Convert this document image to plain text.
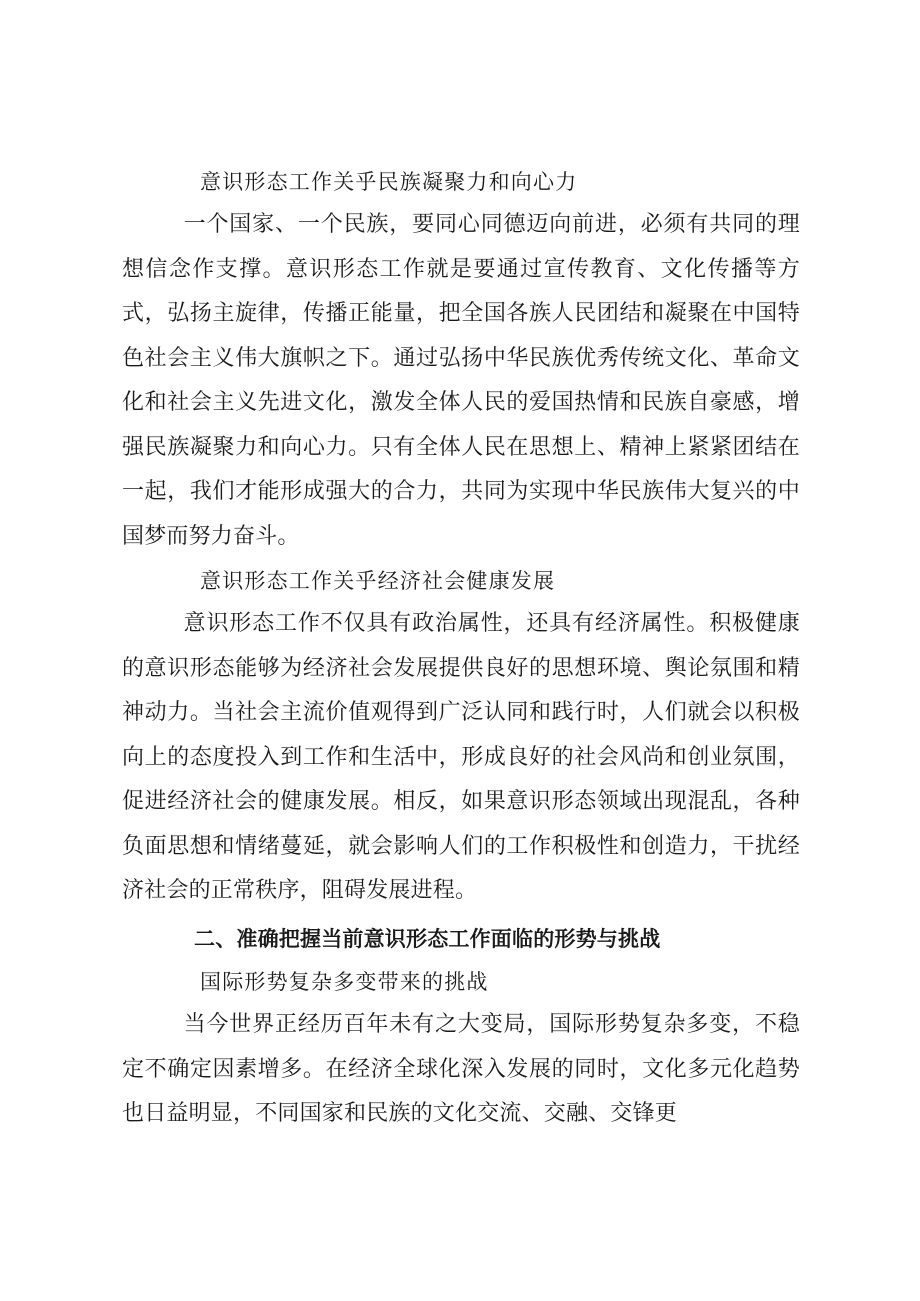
意识形态工作关乎民族凝聚力和向心力

一个国家、一个民族，要同心同德迈向前进，必须有共同的理想信念作支撑。意识形态工作就是要通过宣传教育、文化传播等方式，弘扬主旋律，传播正能量，把全国各族人民团结和凝聚在中国特色社会主义伟大旗帜之下。通过弘扬中华民族优秀传统文化、革命文化和社会主义先进文化，激发全体人民的爱国热情和民族自豪感，增强民族凝聚力和向心力。只有全体人民在思想上、精神上紧紧团结在一起，我们才能形成强大的合力，共同为实现中华民族伟大复兴的中国梦而努力奋斗。

意识形态工作关乎经济社会健康发展

意识形态工作不仅具有政治属性，还具有经济属性。积极健康的意识形态能够为经济社会发展提供良好的思想环境、舆论氛围和精神动力。当社会主流价值观得到广泛认同和践行时，人们就会以积极向上的态度投入到工作和生活中，形成良好的社会风尚和创业氛围，促进经济社会的健康发展。相反，如果意识形态领域出现混乱，各种负面思想和情绪蔓延，就会影响人们的工作积极性和创造力，干扰经济社会的正常秩序，阻碍发展进程。

二、准确把握当前意识形态工作面临的形势与挑战

国际形势复杂多变带来的挑战

当今世界正经历百年未有之大变局，国际形势复杂多变，不稳定不确定因素增多。在经济全球化深入发展的同时，文化多元化趋势也日益明显，不同国家和民族的文化交流、交融、交锋更
